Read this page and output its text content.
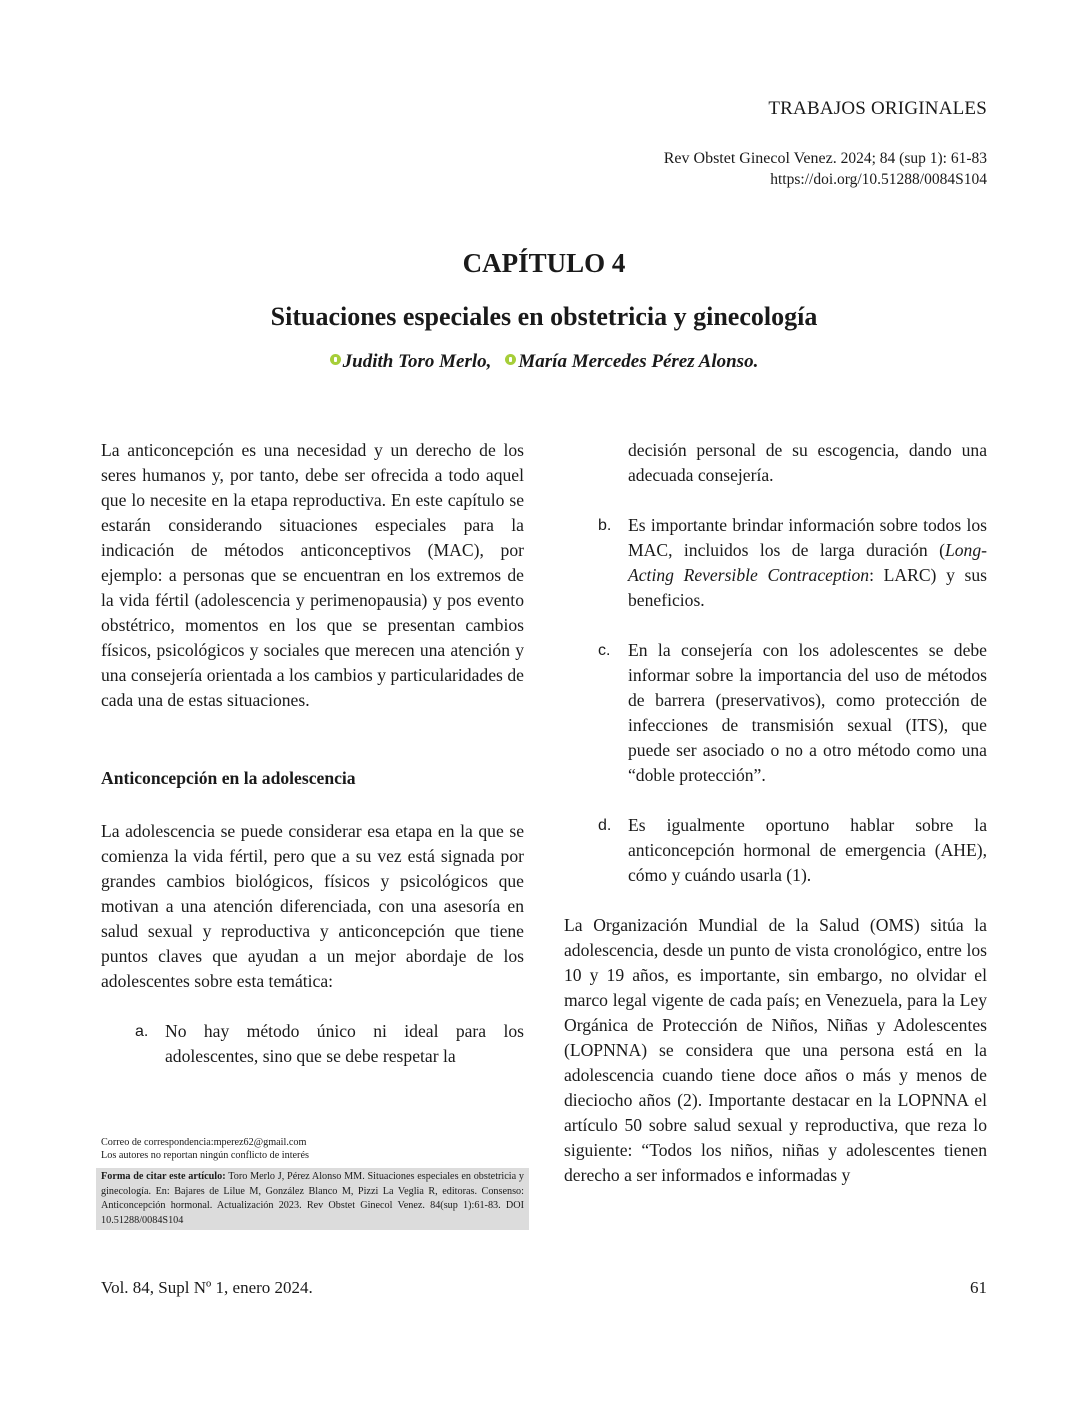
TRABAJOS ORIGINALES
Rev Obstet Ginecol Venez. 2024; 84 (sup 1): 61-83
https://doi.org/10.51288/0084S104
CAPÍTULO 4
Situaciones especiales en obstetricia y ginecología
Judith Toro Merlo, María Mercedes Pérez Alonso.

La anticoncepción es una necesidad y un derecho de los seres humanos y, por tanto, debe ser ofrecida a todo aquel que lo necesite en la etapa reproductiva. En este capítulo se estarán considerando situaciones especiales para la indicación de métodos anticonceptivos (MAC), por ejemplo: a personas que se encuentran en los extremos de la vida fértil (adolescencia y perimenopausia) y pos evento obstétrico, momentos en los que se presentan cambios físicos, psicológicos y sociales que merecen una atención y una consejería orientada a los cambios y particularidades de cada una de estas situaciones.

Anticoncepción en la adolescencia

La adolescencia se puede considerar esa etapa en la que se comienza la vida fértil, pero que a su vez está signada por grandes cambios biológicos, físicos y psicológicos que motivan a una atención diferenciada, con una asesoría en salud sexual y reproductiva y anticoncepción que tiene puntos claves que ayudan a un mejor abordaje de los adolescentes sobre esta temática:

a. No hay método único ni ideal para los adolescentes, sino que se debe respetar la

decisión personal de su escogencia, dando una adecuada consejería.

b. Es importante brindar información sobre todos los MAC, incluidos los de larga duración (Long-Acting Reversible Contraception: LARC) y sus beneficios.

c. En la consejería con los adolescentes se debe informar sobre la importancia del uso de métodos de barrera (preservativos), como protección de infecciones de transmisión sexual (ITS), que puede ser asociado o no a otro método como una “doble protección”.

d. Es igualmente oportuno hablar sobre la anticoncepción hormonal de emergencia (AHE), cómo y cuándo usarla (1).

La Organización Mundial de la Salud (OMS) sitúa la adolescencia, desde un punto de vista cronológico, entre los 10 y 19 años, es importante, sin embargo, no olvidar el marco legal vigente de cada país; en Venezuela, para la Ley Orgánica de Protección de Niños, Niñas y Adolescentes (LOPNNA) se considera que una persona está en la adolescencia cuando tiene doce años o más y menos de dieciocho años (2). Importante destacar en la LOPNNA el artículo 50 sobre salud sexual y reproductiva, que reza lo siguiente: “Todos los niños, niñas y adolescentes tienen derecho a ser informados e informadas y

Correo de correspondencia:mperez62@gmail.com
Los autores no reportan ningún conflicto de interés
Forma de citar este artículo: Toro Merlo J, Pérez Alonso MM. Situaciones especiales en obstetricia y ginecología. En: Bajares de Lilue M, González Blanco M, Pizzi La Veglia R, editoras. Consenso: Anticoncepción hormonal. Actualización 2023. Rev Obstet Ginecol Venez. 84(sup 1):61-83. DOI 10.51288/0084S104
Vol. 84, Supl Nº 1, enero 2024.	61
